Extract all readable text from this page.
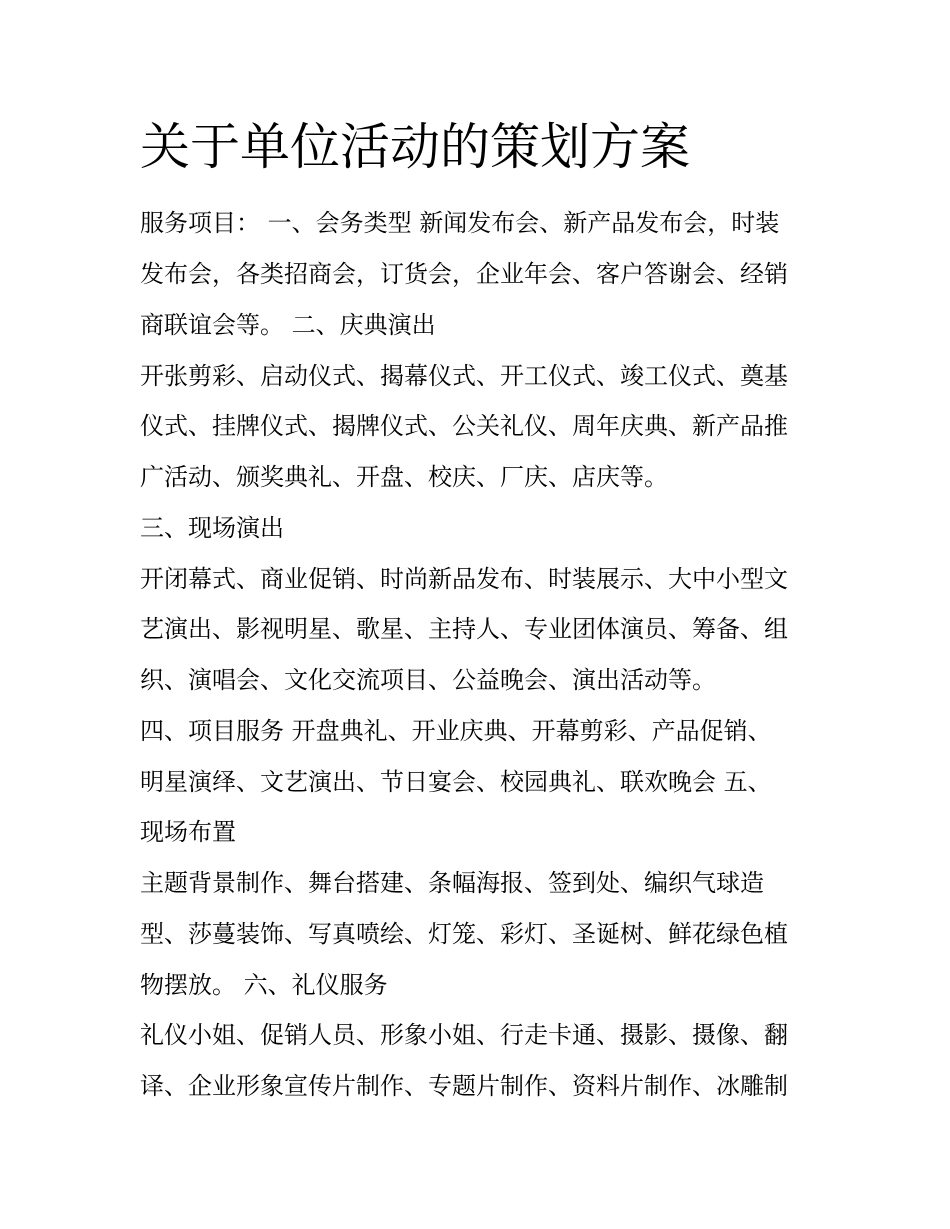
关于单位活动的策划方案

服务项目： 一、会务类型 新闻发布会、新产品发布会，时装

发布会，各类招商会，订货会，企业年会、客户答谢会、经销

商联谊会等。 二、庆典演出

开张剪彩、启动仪式、揭幕仪式、开工仪式、竣工仪式、奠基

仪式、挂牌仪式、揭牌仪式、公关礼仪、周年庆典、新产品推

广活动、颁奖典礼、开盘、校庆、厂庆、店庆等。

三、现场演出

开闭幕式、商业促销、时尚新品发布、时装展示、大中小型文

艺演出、影视明星、歌星、主持人、专业团体演员、筹备、组

织、演唱会、文化交流项目、公益晚会、演出活动等。

四、项目服务 开盘典礼、开业庆典、开幕剪彩、产品促销、

明星演绎、文艺演出、节日宴会、校园典礼、联欢晚会 五、

现场布置

主题背景制作、舞台搭建、条幅海报、签到处、编织气球造

型、莎蔓装饰、写真喷绘、灯笼、彩灯、圣诞树、鲜花绿色植

物摆放。 六、礼仪服务

礼仪小姐、促销人员、形象小姐、行走卡通、摄影、摄像、翻

译、企业形象宣传片制作、专题片制作、资料片制作、冰雕制
